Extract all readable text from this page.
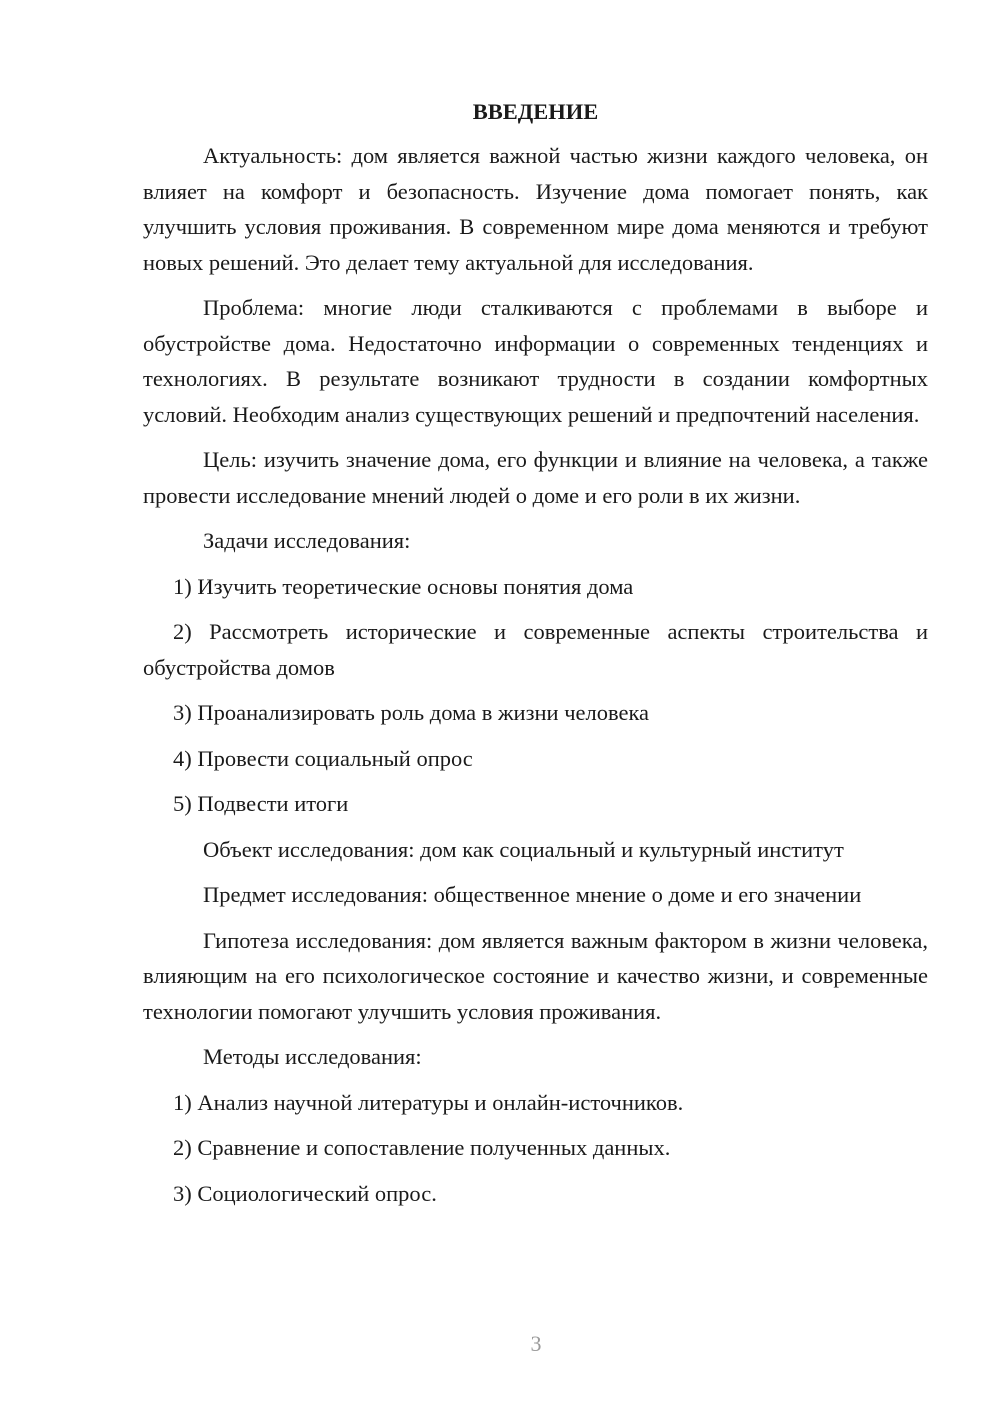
ВВЕДЕНИЕ

Актуальность: дом является важной частью жизни каждого человека, он влияет на комфорт и безопасность. Изучение дома помогает понять, как улучшить условия проживания. В современном мире дома меняются и требуют новых решений. Это делает тему актуальной для исследования.

Проблема: многие люди сталкиваются с проблемами в выборе и обустройстве дома. Недостаточно информации о современных тенденциях и технологиях. В результате возникают трудности в создании комфортных условий. Необходим анализ существующих решений и предпочтений населения.

Цель: изучить значение дома, его функции и влияние на человека, а также провести исследование мнений людей о доме и его роли в их жизни.

Задачи исследования:

1) Изучить теоретические основы понятия дома

2) Рассмотреть исторические и современные аспекты строительства и обустройства домов

3) Проанализировать роль дома в жизни человека

4) Провести социальный опрос

5) Подвести итоги

Объект исследования: дом как социальный и культурный институт

Предмет исследования: общественное мнение о доме и его значении

Гипотеза исследования: дом является важным фактором в жизни человека, влияющим на его психологическое состояние и качество жизни, и современные технологии помогают улучшить условия проживания.

Методы исследования:

1) Анализ научной литературы и онлайн-источников.

2) Сравнение и сопоставление полученных данных.

3) Социологический опрос.

3
